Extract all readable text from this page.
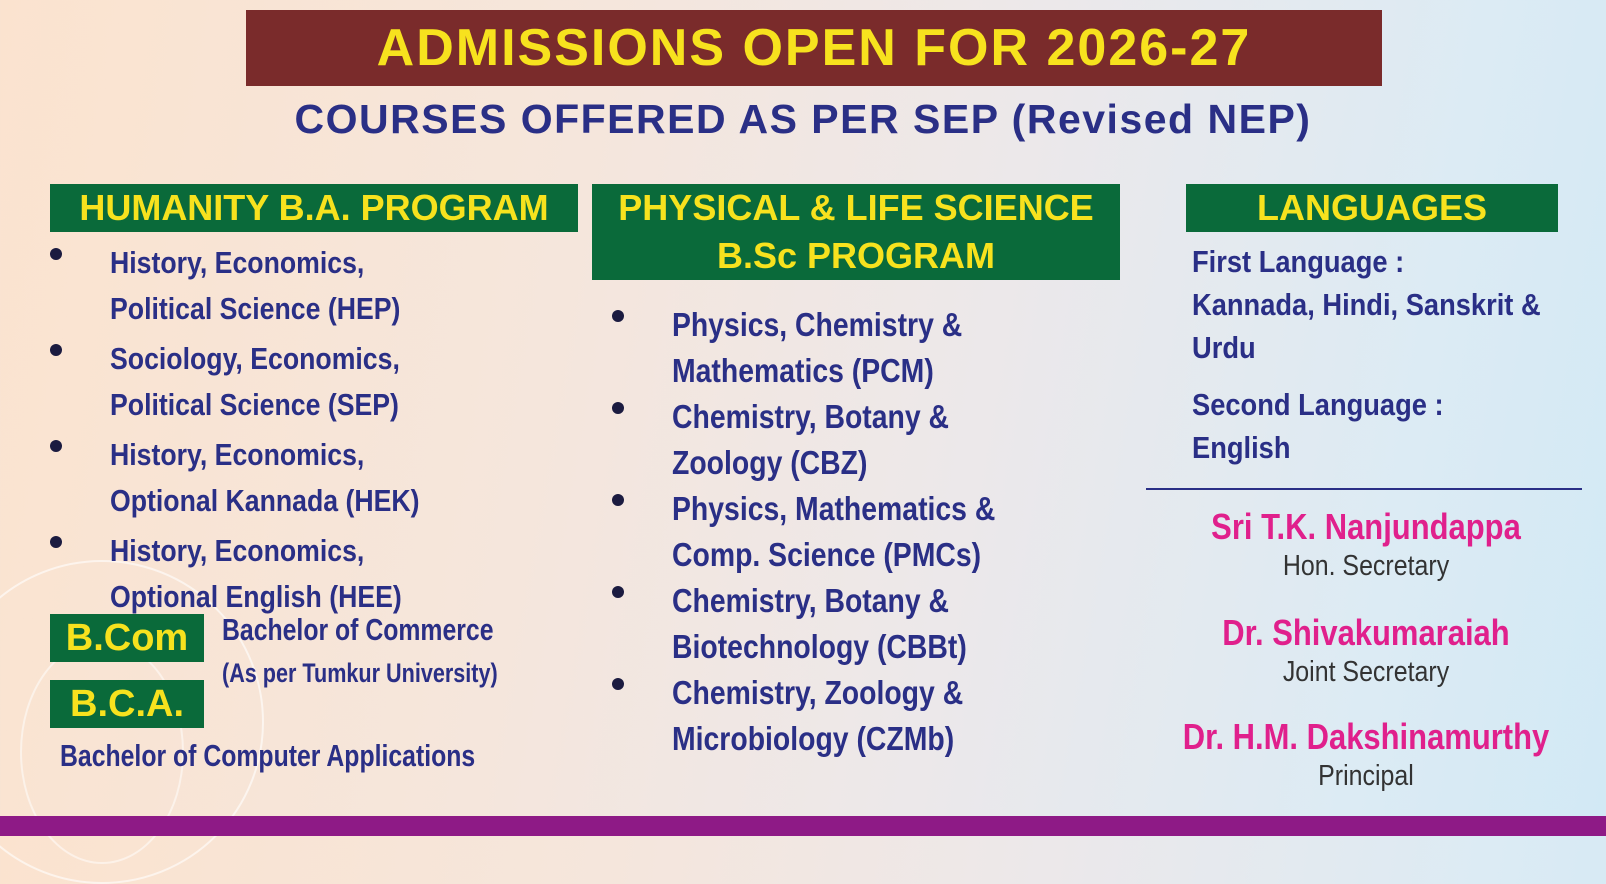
ADMISSIONS OPEN FOR 2026-27
COURSES OFFERED AS PER SEP (Revised NEP)
HUMANITY B.A. PROGRAM
History, Economics,
Political Science (HEP)
Sociology, Economics,
Political Science (SEP)
History, Economics,
Optional Kannada (HEK)
History, Economics,
Optional English (HEE)
B.Com Bachelor of Commerce
(As per Tumkur University)
B.C.A.
Bachelor of Computer Applications
PHYSICAL & LIFE SCIENCE
B.Sc PROGRAM
Physics, Chemistry &
Mathematics (PCM)
Chemistry, Botany &
Zoology (CBZ)
Physics, Mathematics &
Comp. Science (PMCs)
Chemistry, Botany &
Biotechnology (CBBt)
Chemistry, Zoology &
Microbiology (CZMb)
LANGUAGES
First Language :
Kannada, Hindi, Sanskrit &
Urdu
Second Language :
English
Sri T.K. Nanjundappa
Hon. Secretary
Dr. Shivakumaraiah
Joint Secretary
Dr. H.M. Dakshinamurthy
Principal
